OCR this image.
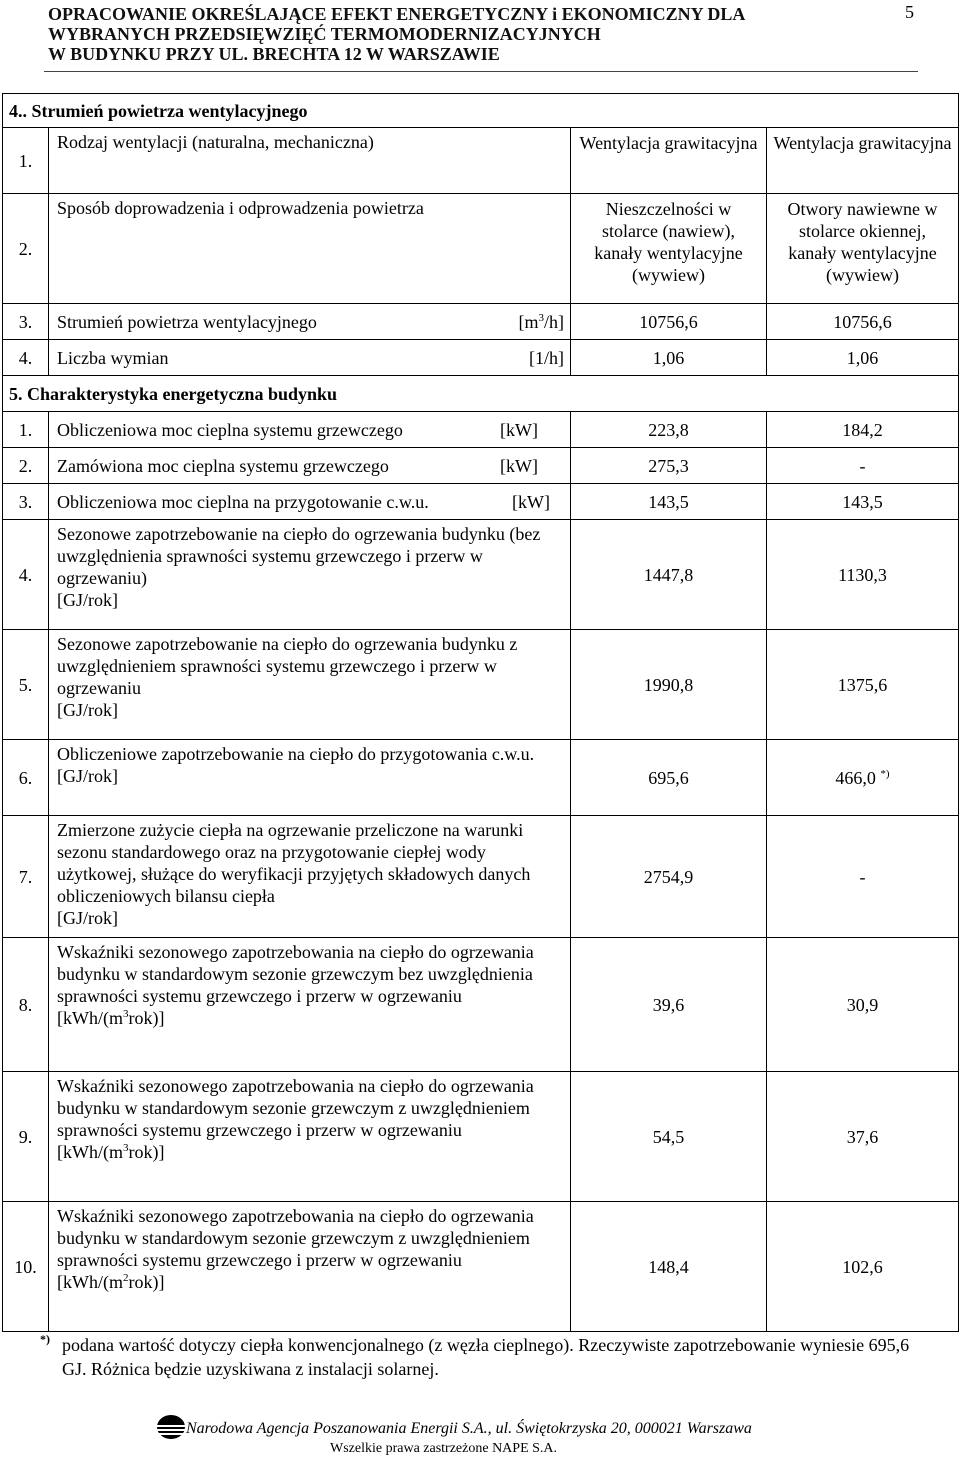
OPRACOWANIE OKREŚLAJĄCE EFEKT ENERGETYCZNY i EKONOMICZNY DLA
WYBRANYCH PRZEDSIĘWZIĘĆ TERMOMODERNIZACYJNYCH
W BUDYNKU PRZY UL. BRECHTA 12 W WARSZAWIE
5
4.. Strumień powietrza wentylacyjnego			
1.	Rodzaj wentylacji (naturalna, mechaniczna)	Wentylacja grawitacyjna	Wentylacja grawitacyjna
2.	Sposób doprowadzenia i odprowadzenia powietrza	Nieszczelności w stolarce (nawiew), kanały wentylacyjne (wywiew)	Otwory nawiewne w stolarce okiennej, kanały wentylacyjne (wywiew)
3.	Strumień powietrza wentylacyjnego $[m^3/h]$	10756,6	10756,6
4.	Liczba wymian [1/h]	1,06	1,06
5. Charakterystyka energetyczna budynku			
1.	Obliczeniowa moc cieplna systemu grzewczego [kW]	223,8	184,2
2.	Zamówiona moc cieplna systemu grzewczego [kW]	275,3	-
3.	Obliczeniowa moc cieplna na przygotowanie c.w.u. [kW]	143,5	143,5
4.	Sezonowe zapotrzebowanie na ciepło do ogrzewania budynku (bez uwzględnienia sprawności systemu grzewczego i przerw w ogrzewaniu)
[GJ/rok]	1447,8	1130,3
5.	Sezonowe zapotrzebowanie na ciepło do ogrzewania budynku z uwzględnieniem sprawności systemu grzewczego i przerw w ogrzewaniu
[GJ/rok]	1990,8	1375,6
6.	Obliczeniowe zapotrzebowanie na ciepło do przygotowania c.w.u.
[GJ/rok]	695,6	466,0 *)
7.	Zmierzone zużycie ciepła na ogrzewanie przeliczone na warunki sezonu standardowego oraz na przygotowanie ciepłej wody użytkowej, służące do weryfikacji przyjętych składowych danych obliczeniowych bilansu ciepła
[GJ/rok]	2754,9	-
8.	Wskaźniki sezonowego zapotrzebowania na ciepło do ogrzewania budynku w standardowym sezonie grzewczym bez uwzględnienia sprawności systemu grzewczego i przerw w ogrzewaniu
$[kWh/(m^3rok)]$	39,6	30,9
9.	Wskaźniki sezonowego zapotrzebowania na ciepło do ogrzewania budynku w standardowym sezonie grzewczym z uwzględnieniem sprawności systemu grzewczego i przerw w ogrzewaniu
$[kWh/(m^3rok)]$	54,5	37,6
10.	Wskaźniki sezonowego zapotrzebowania na ciepło do ogrzewania budynku w standardowym sezonie grzewczym z uwzględnieniem sprawności systemu grzewczego i przerw w ogrzewaniu
$[kWh/(m^2rok)]$	148,4	102,6
*) podana wartość dotyczy ciepła konwencjonalnego (z węzła cieplnego). Rzeczywiste zapotrzebowanie wyniesie 695,6 GJ. Różnica będzie uzyskiwana z instalacji solarnej.
Narodowa Agencja Poszanowania Energii S.A., ul. Świętokrzyska 20, 000021 Warszawa
Wszelkie prawa zastrzeżone NAPE S.A.
